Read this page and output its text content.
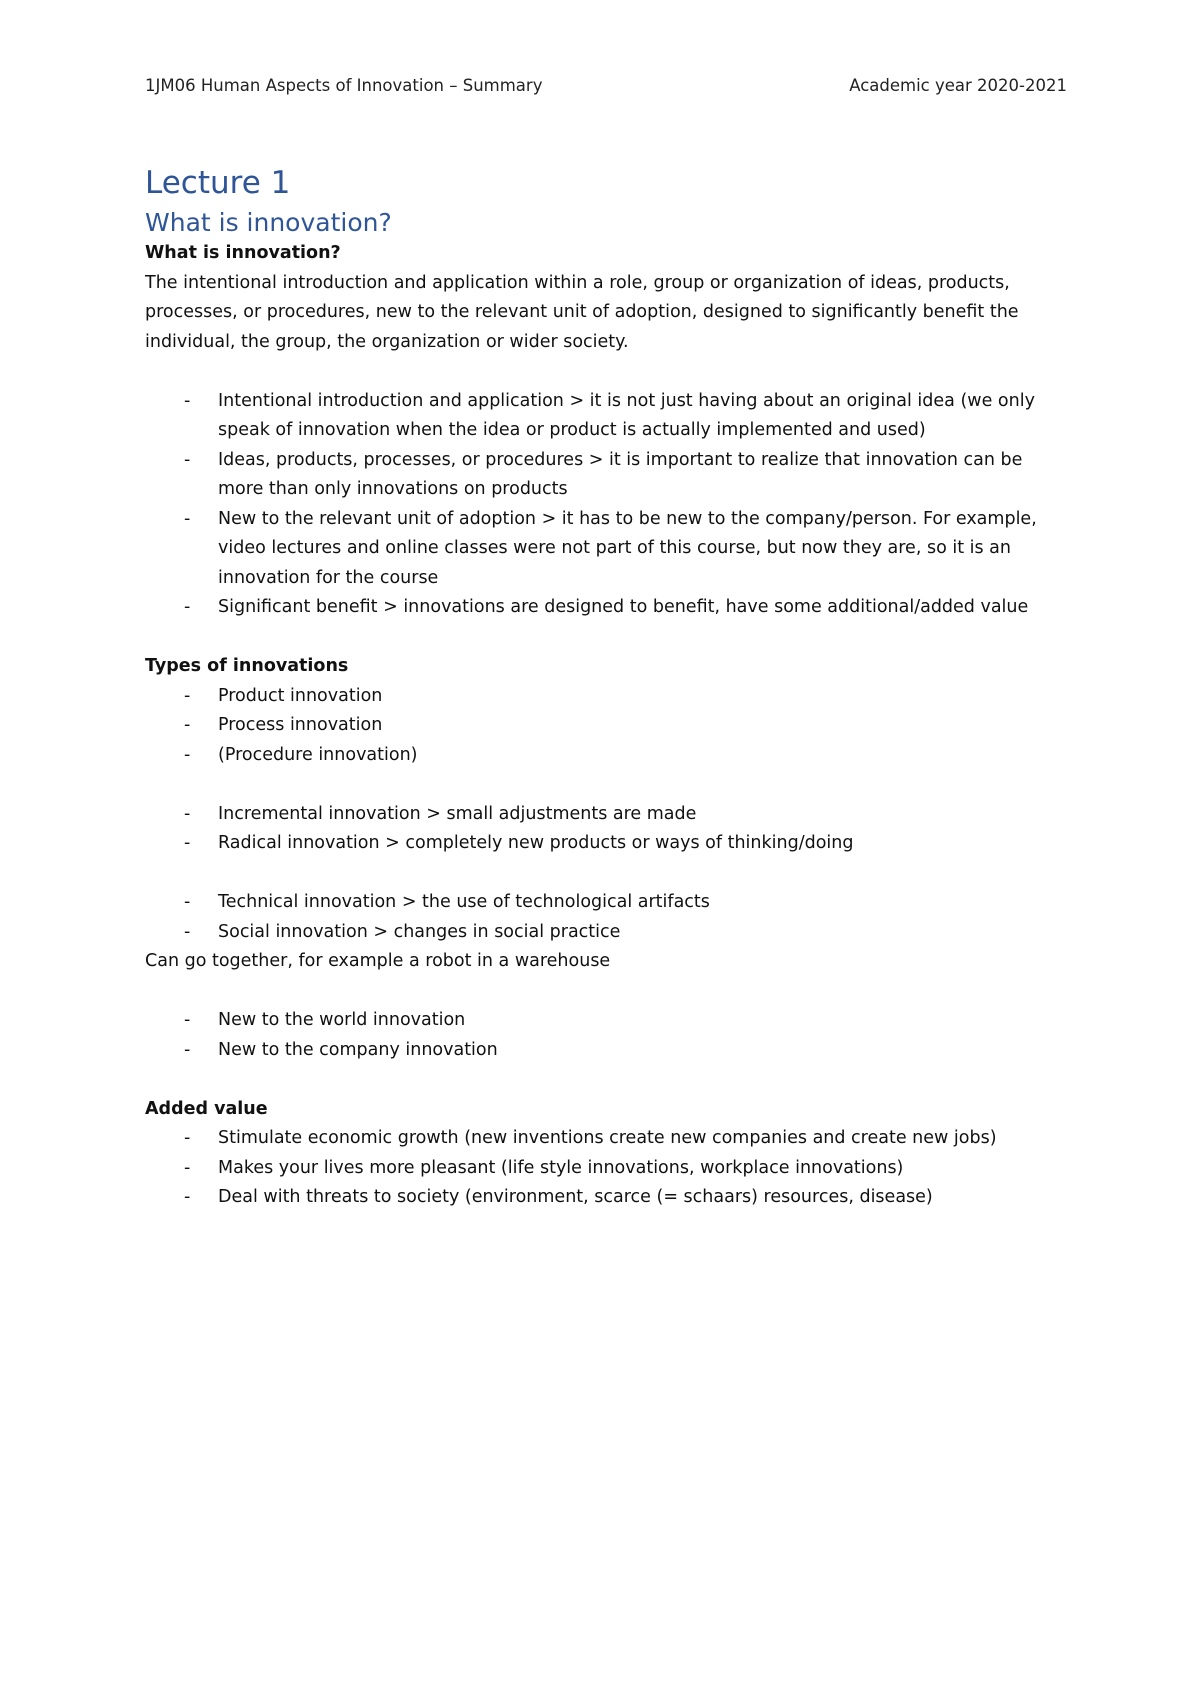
1JM06 Human Aspects of Innovation – Summary	Academic year 2020-2021
Lecture 1
What is innovation?
What is innovation?

The intentional introduction and application within a role, group or organization of ideas, products, processes, or procedures, new to the relevant unit of adoption, designed to significantly benefit the individual, the group, the organization or wider society.

- Intentional introduction and application > it is not just having about an original idea (we only speak of innovation when the idea or product is actually implemented and used)
- Ideas, products, processes, or procedures > it is important to realize that innovation can be more than only innovations on products
- New to the relevant unit of adoption > it has to be new to the company/person. For example, video lectures and online classes were not part of this course, but now they are, so it is an innovation for the course
- Significant benefit > innovations are designed to benefit, have some additional/added value
Types of innovations
- Product innovation
- Process innovation
- (Procedure innovation)
- Incremental innovation > small adjustments are made
- Radical innovation > completely new products or ways of thinking/doing
- Technical innovation > the use of technological artifacts
- Social innovation > changes in social practice

Can go together, for example a robot in a warehouse

- New to the world innovation
- New to the company innovation
Added value
- Stimulate economic growth (new inventions create new companies and create new jobs)
- Makes your lives more pleasant (life style innovations, workplace innovations)
- Deal with threats to society (environment, scarce (= schaars) resources, disease)
